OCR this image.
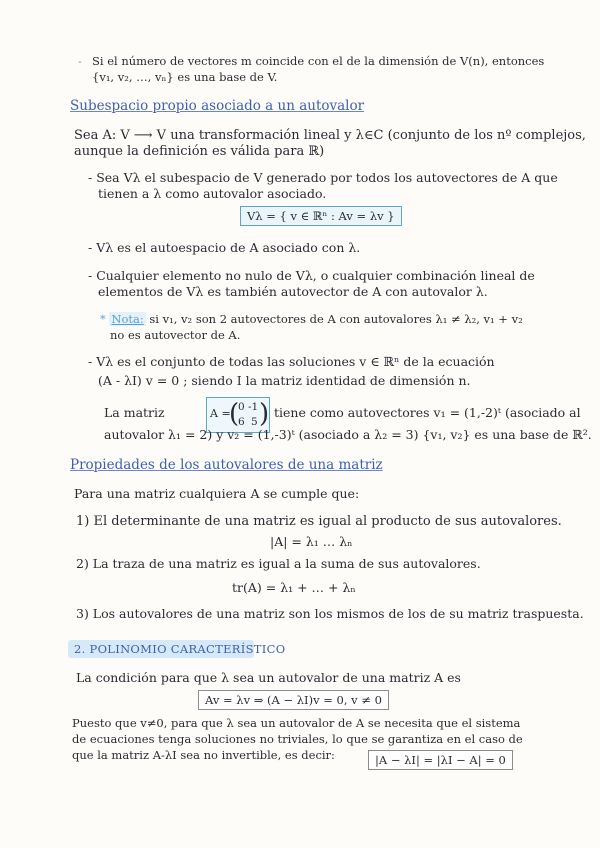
- Si el número de vectores m coincide con el de la dimensión de V(n), entonces
{v₁, v₂, …, vₙ} es una base de V.
Subespacio propio asociado a un autovalor
Sea A: V ⟶ V una transformación lineal y λ∈C (conjunto de los nº complejos,
aunque la definición es válida para ℝ)
- Sea Vλ el subespacio de V generado por todos los autovectores de A que
tienen a λ como autovalor asociado.
Vλ = { v ∈ ℝⁿ : Av = λv }
- Vλ es el autoespacio de A asociado con λ.
- Cualquier elemento no nulo de Vλ, o cualquier combinación lineal de
elementos de Vλ es también autovector de A con autovalor λ.
* Nota: si v₁, v₂ son 2 autovectores de A con autovalores λ₁ ≠ λ₂, v₁ + v₂
no es autovector de A.
- Vλ es el conjunto de todas las soluciones v ∈ ℝⁿ de la ecuación
(A - λI) v = 0 ; siendo I la matriz identidad de dimensión n.
La matriz	A =
( )
0 -1
6 5
tiene como autovectores v₁ = (1,-2)ᵗ (asociado al
autovalor λ₁ = 2) y v₂ = (1,-3)ᵗ (asociado a λ₂ = 3) {v₁, v₂} es una base de ℝ².
Propiedades de los autovalores de una matriz
Para una matriz cualquiera A se cumple que:
1) El determinante de una matriz es igual al producto de sus autovalores.
|A| = λ₁ … λₙ
2) La traza de una matriz es igual a la suma de sus autovalores.
tr(A) = λ₁ + … + λₙ
3) Los autovalores de una matriz son los mismos de los de su matriz traspuesta.
2. POLINOMIO CARACTERÍSTICO
La condición para que λ sea un autovalor de una matriz A es
Av = λv ⇒ (A − λI)v = 0, v ≠ 0
Puesto que v≠0, para que λ sea un autovalor de A se necesita que el sistema
de ecuaciones tenga soluciones no triviales, lo que se garantiza en el caso de
que la matriz A-λI sea no invertible, es decir:	|A − λI| = |λI − A| = 0
